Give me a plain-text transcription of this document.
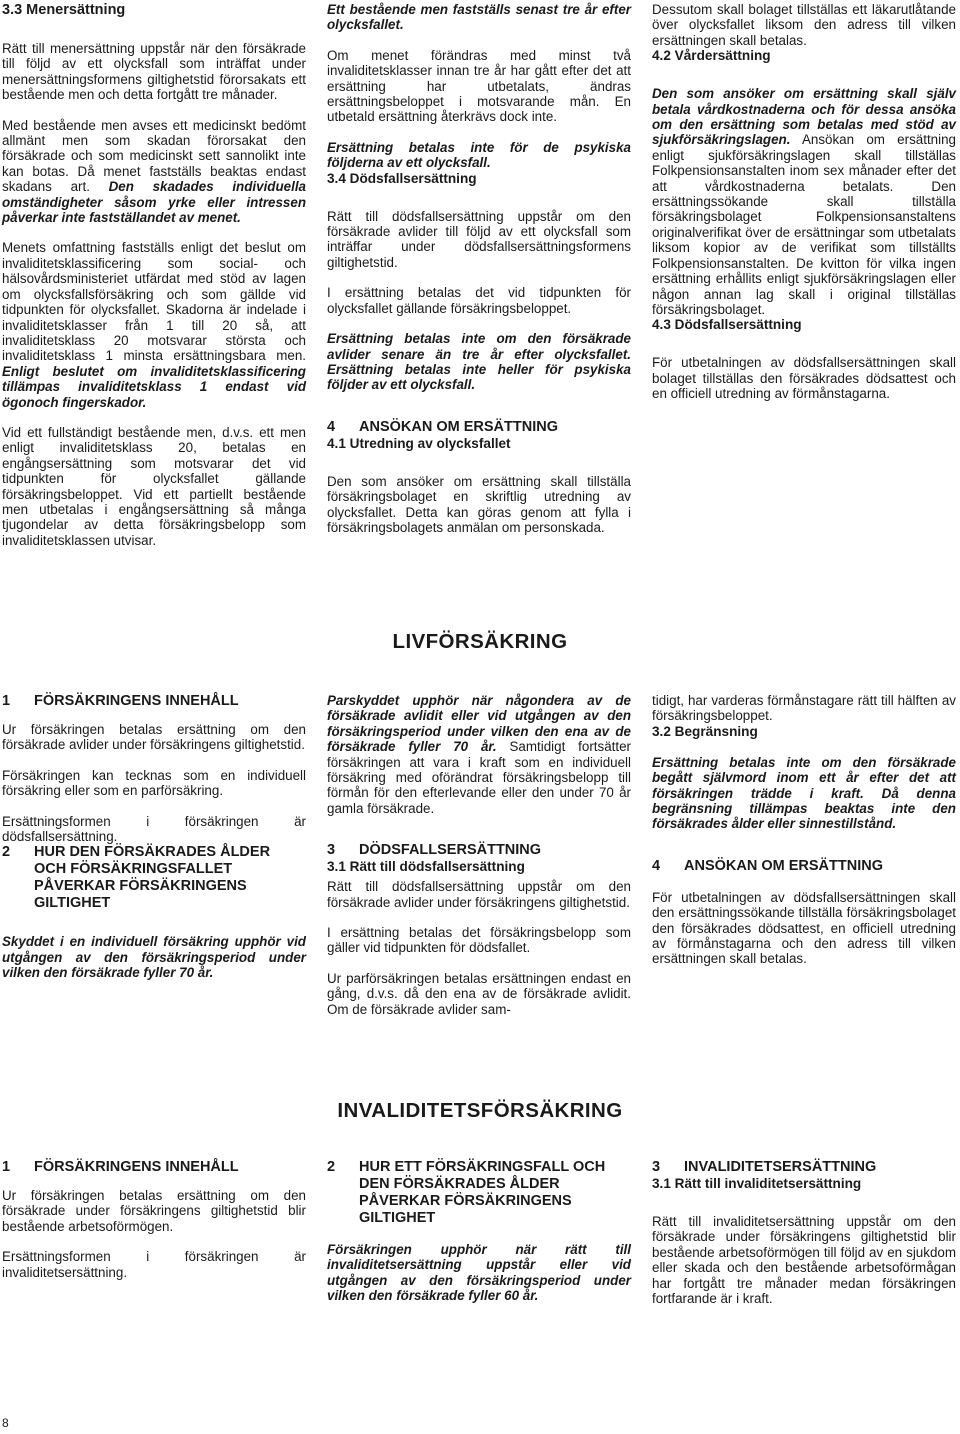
3.3 Menersättning

Rätt till menersättning uppstår när den försäkrade till följd av ett olycksfall som inträffat under menersättningsformens giltighetstid förorsakats ett bestående men och detta fortgått tre månader.

Med bestående men avses ett medicinskt bedömt allmänt men som skadan förorsakat den försäkrade och som medicinskt sett sannolikt inte kan botas. Då menet fastställs beaktas endast skadans art. Den skadades individuella omständigheter såsom yrke eller intressen påverkar inte fastställandet av menet.

Menets omfattning fastställs enligt det beslut om invaliditetsklassificering som social- och hälsovårdsministeriet utfärdat med stöd av lagen om olycksfallsförsäkring och som gällde vid tidpunkten för olycksfallet. Skadorna är indelade i invaliditetsklasser från 1 till 20 så, att invaliditetsklass 20 motsvarar största och invaliditetsklass 1 minsta ersättningsbara men. Enligt beslutet om invaliditetsklassificering tillämpas invaliditetsklass 1 endast vid ögonoch fingerskador.

Vid ett fullständigt bestående men, d.v.s. ett men enligt invaliditetsklass 20, betalas en engångsersättning som motsvarar det vid tidpunkten för olycksfallet gällande försäkringsbeloppet. Vid ett partiellt bestående men utbetalas i engångsersättning så många tjugondelar av detta försäkringsbelopp som invaliditetsklassen utvisar.

Ett bestående men fastställs senast tre år efter olycksfallet.

Om menet förändras med minst två invaliditetsklasser innan tre år har gått efter det att ersättning har utbetalats, ändras ersättningsbeloppet i motsvarande mån. En utbetald ersättning återkrävs dock inte.

Ersättning betalas inte för de psykiska följderna av ett olycksfall.

3.4 Dödsfallsersättning

Rätt till dödsfallsersättning uppstår om den försäkrade avlider till följd av ett olycksfall som inträffar under dödsfallsersättningsformens giltighetstid.

I ersättning betalas det vid tidpunkten för olycksfallet gällande försäkringsbeloppet.

Ersättning betalas inte om den försäkrade avlider senare än tre år efter olycksfallet. Ersättning betalas inte heller för psykiska följder av ett olycksfall.

4 ANSÖKAN OM ERSÄTTNING
4.1 Utredning av olycksfallet

Den som ansöker om ersättning skall tillställa försäkringsbolaget en skriftlig utredning av olycksfallet. Detta kan göras genom att fylla i försäkringsbolagets anmälan om personskada.

Dessutom skall bolaget tillställas ett läkarutlåtande över olycksfallet liksom den adress till vilken ersättningen skall betalas.

4.2 Vårdersättning

Den som ansöker om ersättning skall själv betala vårdkostnaderna och för dessa ansöka om den ersättning som betalas med stöd av sjukförsäkringslagen. Ansökan om ersättning enligt sjukförsäkringslagen skall tillställas Folkpensionsanstalten inom sex månader efter det att vårdkostnaderna betalats. Den ersättningssökande skall tillställa försäkringsbolaget Folkpensionsanstaltens originalverifikat över de ersättningar som utbetalats liksom kopior av de verifikat som tillställts Folkpensionsanstalten. De kvitton för vilka ingen ersättning erhållits enligt sjukförsäkringslagen eller någon annan lag skall i original tillställas försäkringsbolaget.

4.3 Dödsfallsersättning

För utbetalningen av dödsfallsersättningen skall bolaget tillställas den försäkrades dödsattest och en officiell utredning av förmånstagarna.

LIVFÖRSÄKRING
1 FÖRSÄKRINGENS INNEHÅLL

Ur försäkringen betalas ersättning om den försäkrade avlider under försäkringens giltighetstid.

Försäkringen kan tecknas som en individuell försäkring eller som en parförsäkring.

Ersättningsformen i försäkringen är dödsfallsersättning.

2	HUR DEN FÖRSÄKRADES ÅLDER OCH FÖRSÄKRINGSFALLET PÅVERKAR FÖRSÄKRINGENS GILTIGHET

Skyddet i en individuell försäkring upphör vid utgången av den försäkringsperiod under vilken den försäkrade fyller 70 år.

Parskyddet upphör när någondera av de försäkrade avlidit eller vid utgången av den försäkringsperiod under vilken den ena av de försäkrade fyller 70 år. Samtidigt fortsätter försäkringen att vara i kraft som en individuell försäkring med oförändrat försäkringsbelopp till förmån för den efterlevande eller den under 70 år gamla försäkrade.

3 DÖDSFALLSERSÄTTNING
3.1 Rätt till dödsfallsersättning

Rätt till dödsfallsersättning uppstår om den försäkrade avlider under försäkringens giltighetstid.

I ersättning betalas det försäkringsbelopp som gäller vid tidpunkten för dödsfallet.

Ur parförsäkringen betalas ersättningen endast en gång, d.v.s. då den ena av de försäkrade avlidit. Om de försäkrade avlider sam-

tidigt, har varderas förmånstagare rätt till hälften av försäkringsbeloppet.

3.2 Begränsning

Ersättning betalas inte om den försäkrade begått självmord inom ett år efter det att försäkringen trädde i kraft. Då denna begränsning tillämpas beaktas inte den försäkrades ålder eller sinnestillstånd.

4 ANSÖKAN OM ERSÄTTNING

För utbetalningen av dödsfallsersättningen skall den ersättningssökande tillställa försäkringsbolaget den försäkrades dödsattest, en officiell utredning av förmånstagarna och den adress till vilken ersättningen skall betalas.

INVALIDITETSFÖRSÄKRING
1 FÖRSÄKRINGENS INNEHÅLL

Ur försäkringen betalas ersättning om den försäkrade under försäkringens giltighetstid blir bestående arbetsoförmögen.

Ersättningsformen i försäkringen är invaliditetsersättning.

2	HUR ETT FÖRSÄKRINGSFALL OCH DEN FÖRSÄKRADES ÅLDER PÅVERKAR FÖRSÄKRINGENS GILTIGHET

Försäkringen upphör när rätt till invaliditetsersättning uppstår eller vid utgången av den försäkringsperiod under vilken den försäkrade fyller 60 år.

3 INVALIDITETSERSÄTTNING
3.1 Rätt till invaliditetsersättning

Rätt till invaliditetsersättning uppstår om den försäkrade under försäkringens giltighetstid blir bestående arbetsoförmögen till följd av en sjukdom eller skada och den bestående arbetsoförmågan har fortgått tre månader medan försäkringen fortfarande är i kraft.

8
